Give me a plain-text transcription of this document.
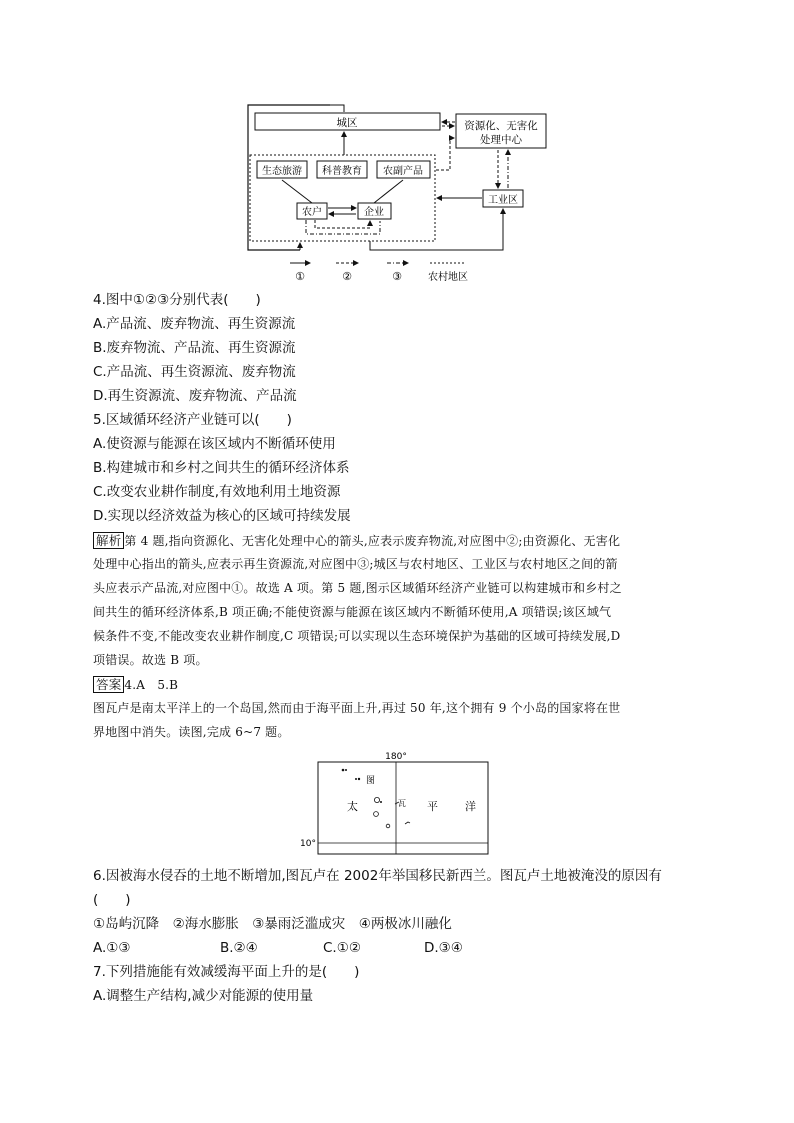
城区	资源化、无害化
处理中心
生态旅游 科普教育 农副产品
农户	企业
工业区
①	②	③	农村地区
4.图中①②③分别代表(　　)
A.产品流、废弃物流、再生资源流
B.废弃物流、产品流、再生资源流
C.产品流、再生资源流、废弃物流
D.再生资源流、废弃物流、产品流
5.区域循环经济产业链可以(　　)
A.使资源与能源在该区域内不断循环使用
B.构建城市和乡村之间共生的循环经济体系
C.改变农业耕作制度,有效地利用土地资源
D.实现以经济效益为核心的区域可持续发展
解析 第 4 题,指向资源化、无害化处理中心的箭头,应表示废弃物流,对应图中②;由资源化、无害化
处理中心指出的箭头,应表示再生资源流,对应图中③;城区与农村地区、工业区与农村地区之间的箭
头应表示产品流,对应图中①。故选 A 项。第 5 题,图示区域循环经济产业链可以构建城市和乡村之
间共生的循环经济体系,B 项正确;不能使资源与能源在该区域内不断循环使用,A 项错误;该区域气
候条件不变,不能改变农业耕作制度,C 项错误;可以实现以生态环境保护为基础的区域可持续发展,D
项错误。故选 B 项。
答案 4.A　5.B
图瓦卢是南太平洋上的一个岛国,然而由于海平面上升,再过 50 年,这个拥有 9 个小岛的国家将在世
界地图中消失。读图,完成 6~7 题。
180°
10°
图
瓦
太	平 洋
6.因被海水侵吞的土地不断增加,图瓦卢在 2002年举国移民新西兰。图瓦卢土地被淹没的原因有
(　　)
①岛屿沉降　②海水膨胀　③暴雨泛滥成灾　④两极冰川融化
A.①③	B.②④	C.①②	D.③④
7.下列措施能有效减缓海平面上升的是(　　)
A.调整生产结构,减少对能源的使用量
